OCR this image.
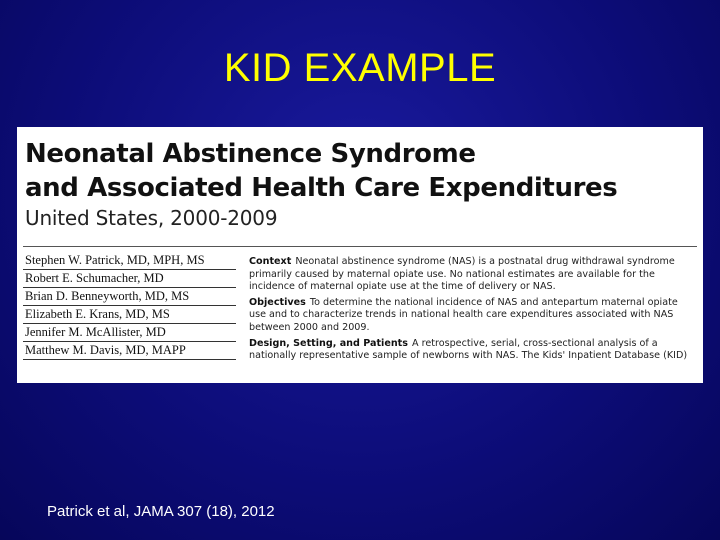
KID EXAMPLE
Neonatal Abstinence Syndrome
and Associated Health Care Expenditures
United States, 2000-2009
Stephen W. Patrick, MD, MPH, MS
Robert E. Schumacher, MD
Brian D. Benneyworth, MD, MS
Elizabeth E. Krans, MD, MS
Jennifer M. McAllister, MD
Matthew M. Davis, MD, MAPP
Context Neonatal abstinence syndrome (NAS) is a postnatal drug withdrawal syndrome primarily caused by maternal opiate use. No national estimates are available for the incidence of maternal opiate use at the time of delivery or NAS.
Objectives To determine the national incidence of NAS and antepartum maternal opiate use and to characterize trends in national health care expenditures associated with NAS between 2000 and 2009.
Design, Setting, and Patients A retrospective, serial, cross-sectional analysis of a nationally representative sample of newborns with NAS. The Kids' Inpatient Database (KID)
Patrick et al, JAMA 307 (18), 2012
